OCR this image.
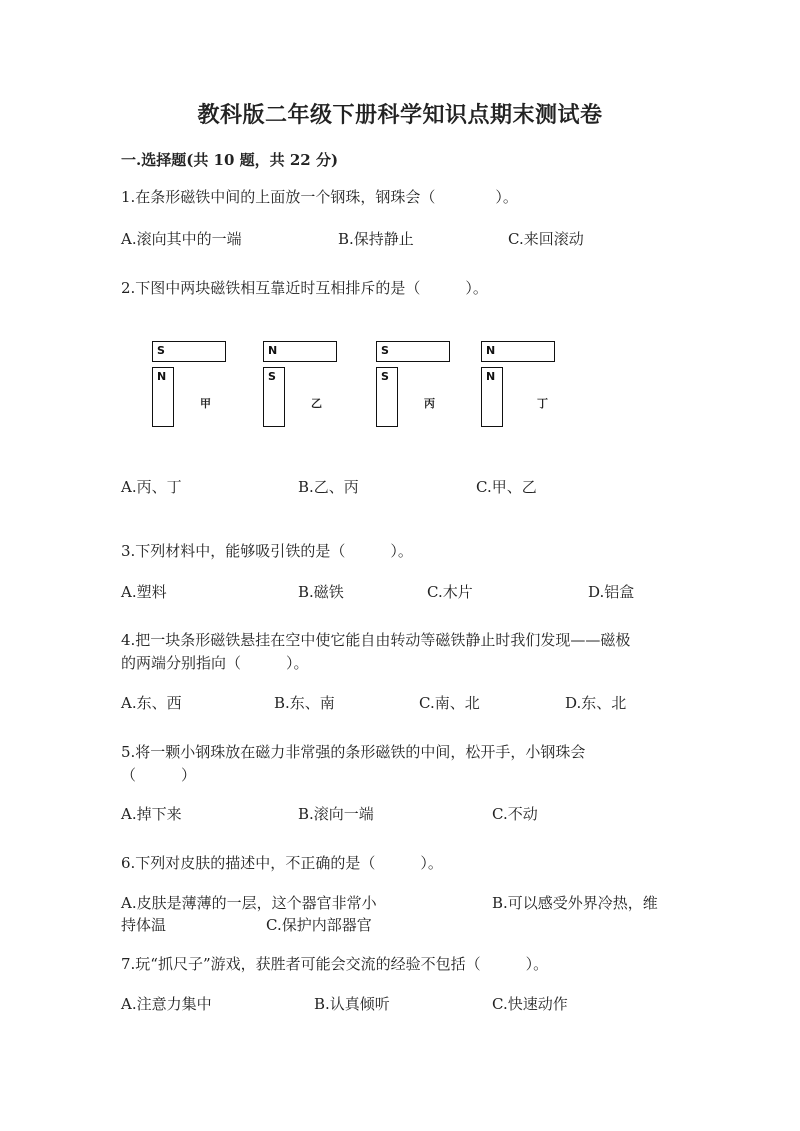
教科版二年级下册科学知识点期末测试卷
一.选择题(共 10 题，共 22 分)
1.在条形磁铁中间的上面放一个钢珠，钢珠会（　　　　）。
A.滚向其中的一端	B.保持静止	C.来回滚动
2.下图中两块磁铁相互靠近时互相排斥的是（　　　）。
S
N
甲
N
S
乙
S
S
丙
N
N
丁
A.丙、丁	B.乙、丙	C.甲、乙
3.下列材料中，能够吸引铁的是（　　　）。
A.塑料	B.磁铁	C.木片	D.铝盒
4.把一块条形磁铁悬挂在空中使它能自由转动等磁铁静止时我们发现——磁极
的两端分别指向（　　　）。
A.东、西	B.东、南	C.南、北	D.东、北
5.将一颗小钢珠放在磁力非常强的条形磁铁的中间，松开手，小钢珠会
（　　　）
A.掉下来	B.滚向一端	C.不动
6.下列对皮肤的描述中，不正确的是（　　　）。
A.皮肤是薄薄的一层，这个器官非常小	B.可以感受外界冷热，维
持体温	C.保护内部器官
7.玩“抓尺子”游戏，获胜者可能会交流的经验不包括（　　　）。
A.注意力集中	B.认真倾听	C.快速动作
